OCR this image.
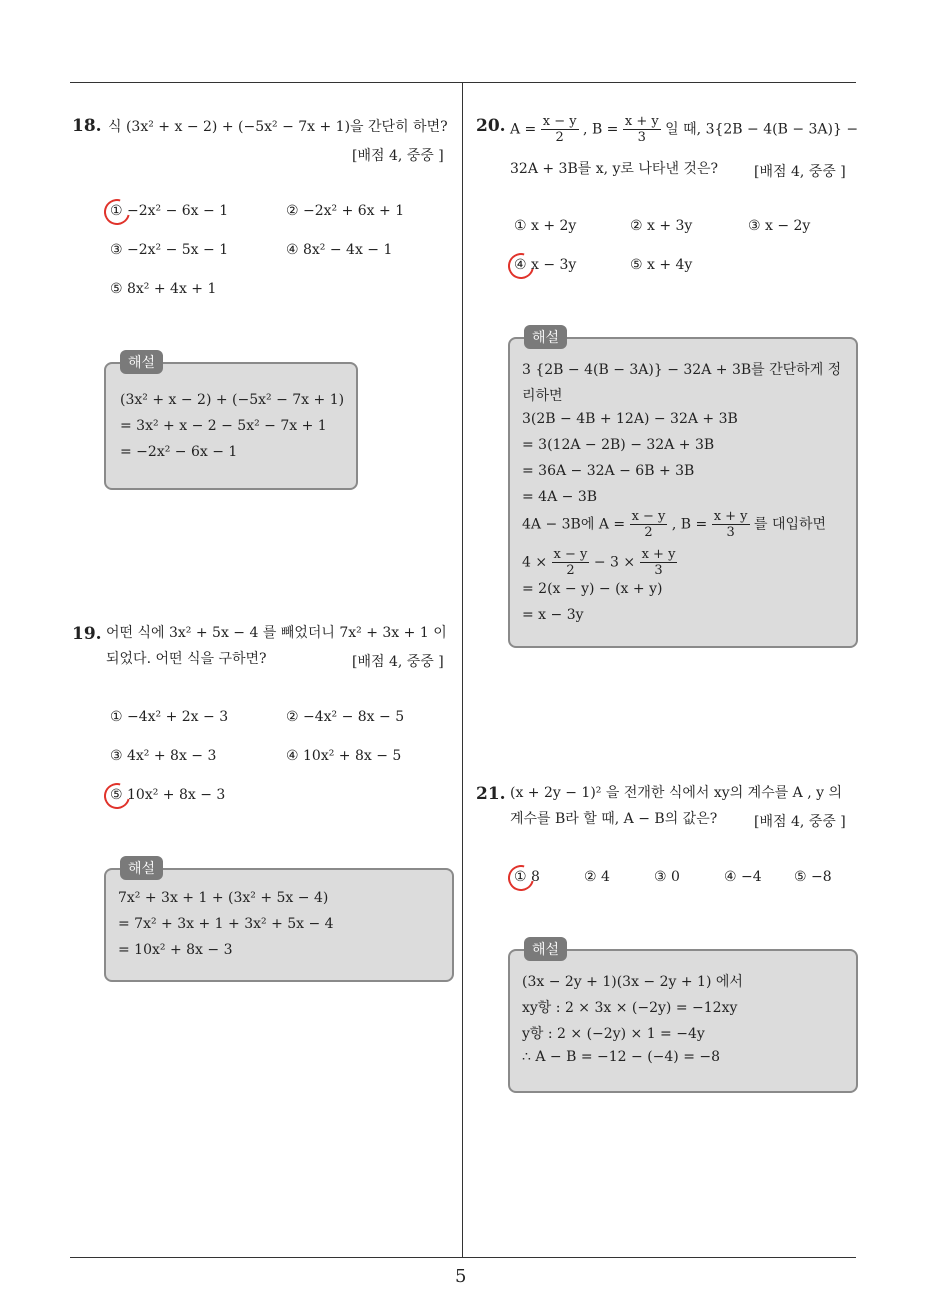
5
18. 식 (3x² + x − 2) + (−5x² − 7x + 1)을 간단히 하면?
[배점 4, 중중 ]
① −2x² − 6x − 1	② −2x² + 6x + 1
③ −2x² − 5x − 1	④ 8x² − 4x − 1
⑤ 8x² + 4x + 1
(3x² + x − 2) + (−5x² − 7x + 1)
= 3x² + x − 2 − 5x² − 7x + 1
= −2x² − 6x − 1
해설
19. 어떤 식에 3x² + 5x − 4 를 빼었더니 7x² + 3x + 1 이
되었다. 어떤 식을 구하면?	[배점 4, 중중 ]
① −4x² + 2x − 3	② −4x² − 8x − 5
③ 4x² + 8x − 3	④ 10x² + 8x − 5
⑤ 10x² + 8x − 3
7x² + 3x + 1 + (3x² + 5x − 4)
= 7x² + 3x + 1 + 3x² + 5x − 4
= 10x² + 8x − 3
해설
20. $A = \frac{x - y}{2}$ , $B = \frac{x + y}{3}$ 일 때, 3{2B − 4(B − 3A)} −
32A + 3B를 x, y로 나타낸 것은?	[배점 4, 중중 ]
① x + 2y	② x + 3y	③ x − 2y
④ x − 3y	⑤ x + 4y
3 {2B − 4(B − 3A)} − 32A + 3B를 간단하게 정
리하면
3(2B − 4B + 12A) − 32A + 3B
= 3(12A − 2B) − 32A + 3B
= 36A − 32A − 6B + 3B
= 4A − 3B
4A − 3B에 $A = \frac{x - y}{2}$ , $B = \frac{x + y}{3}$ 를 대입하면
$4 \times \frac{x - y}{2} - 3 \times \frac{x + y}{3}$
= 2(x − y) − (x + y)
= x − 3y
해설
21. (x + 2y − 1)² 을 전개한 식에서 xy의 계수를 A , y 의
계수를 B라 할 때, A − B의 값은?	[배점 4, 중중 ]
① 8	② 4	③ 0	④ −4 ⑤ −8
(3x − 2y + 1)(3x − 2y + 1) 에서
xy항 : 2 × 3x × (−2y) = −12xy
y항 : 2 × (−2y) × 1 = −4y
∴ A − B = −12 − (−4) = −8
해설
